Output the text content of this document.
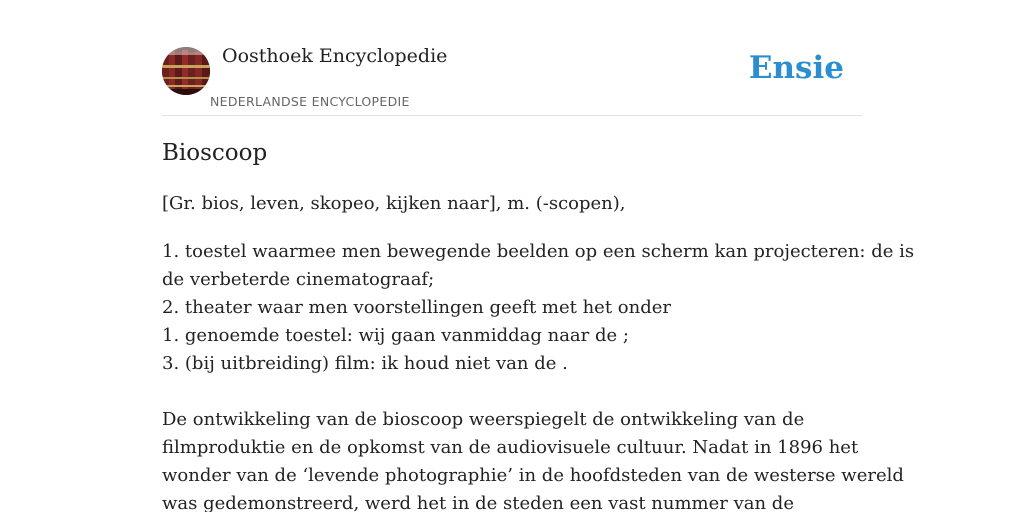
Oosthoek Encyclopedie
NEDERLANDSE ENCYCLOPEDIE
Ensie
Bioscoop

[Gr. bios, leven, skopeo, kijken naar], m. (-scopen),

1. toestel waarmee men bewegende beelden op een scherm kan projecteren: de is
de verbeterde cinematograaf;
2. theater waar men voorstellingen geeft met het onder
1. genoemde toestel: wij gaan vanmiddag naar de ;
3. (bij uitbreiding) film: ik houd niet van de .
De ontwikkeling van de bioscoop weerspiegelt de ontwikkeling van de
filmproduktie en de opkomst van de audiovisuele cultuur. Nadat in 1896 het
wonder van de ‘levende photographie’ in de hoofdsteden van de westerse wereld
was gedemonstreerd, werd het in de steden een vast nummer van de
